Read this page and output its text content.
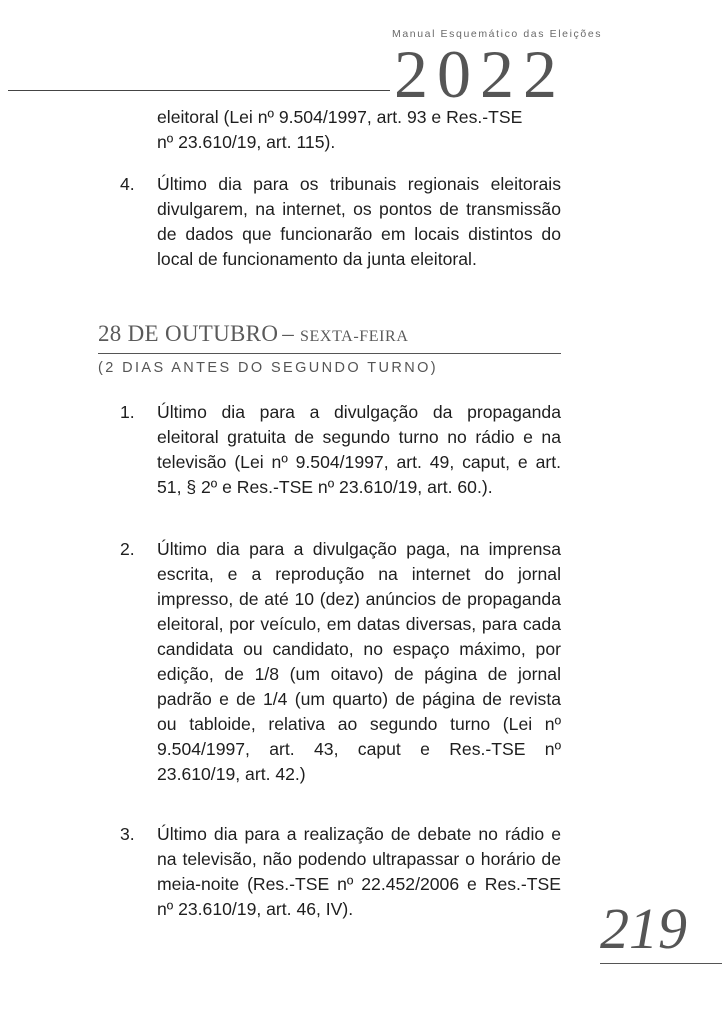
Manual Esquemático das Eleições
2022
eleitoral (Lei nº 9.504/1997, art. 93 e Res.-TSE
nº 23.610/19, art. 115).
4. Último dia para os tribunais regionais eleitorais divulgarem, na internet, os pontos de transmissão de dados que funcionarão em locais distintos do local de funcionamento da junta eleitoral.
28 DE OUTUBRO – SEXTA-FEIRA
(2 DIAS ANTES DO SEGUNDO TURNO)
1. Último dia para a divulgação da propaganda eleitoral gratuita de segundo turno no rádio e na televisão (Lei nº 9.504/1997, art. 49, caput, e art. 51, § 2º e Res.-TSE nº 23.610/19, art. 60.).
2. Último dia para a divulgação paga, na imprensa escrita, e a reprodução na internet do jornal impresso, de até 10 (dez) anúncios de propaganda eleitoral, por veículo, em datas diversas, para cada candidata ou candidato, no espaço máximo, por edição, de 1/8 (um oitavo) de página de jornal padrão e de 1/4 (um quarto) de página de revista ou tabloide, relativa ao segundo turno (Lei nº 9.504/1997, art. 43, caput e Res.-TSE nº 23.610/19, art. 42.)
3. Último dia para a realização de debate no rádio e na televisão, não podendo ultrapassar o horário de meia-noite (Res.-TSE nº 22.452/2006 e Res.-TSE nº 23.610/19, art. 46, IV).	219
